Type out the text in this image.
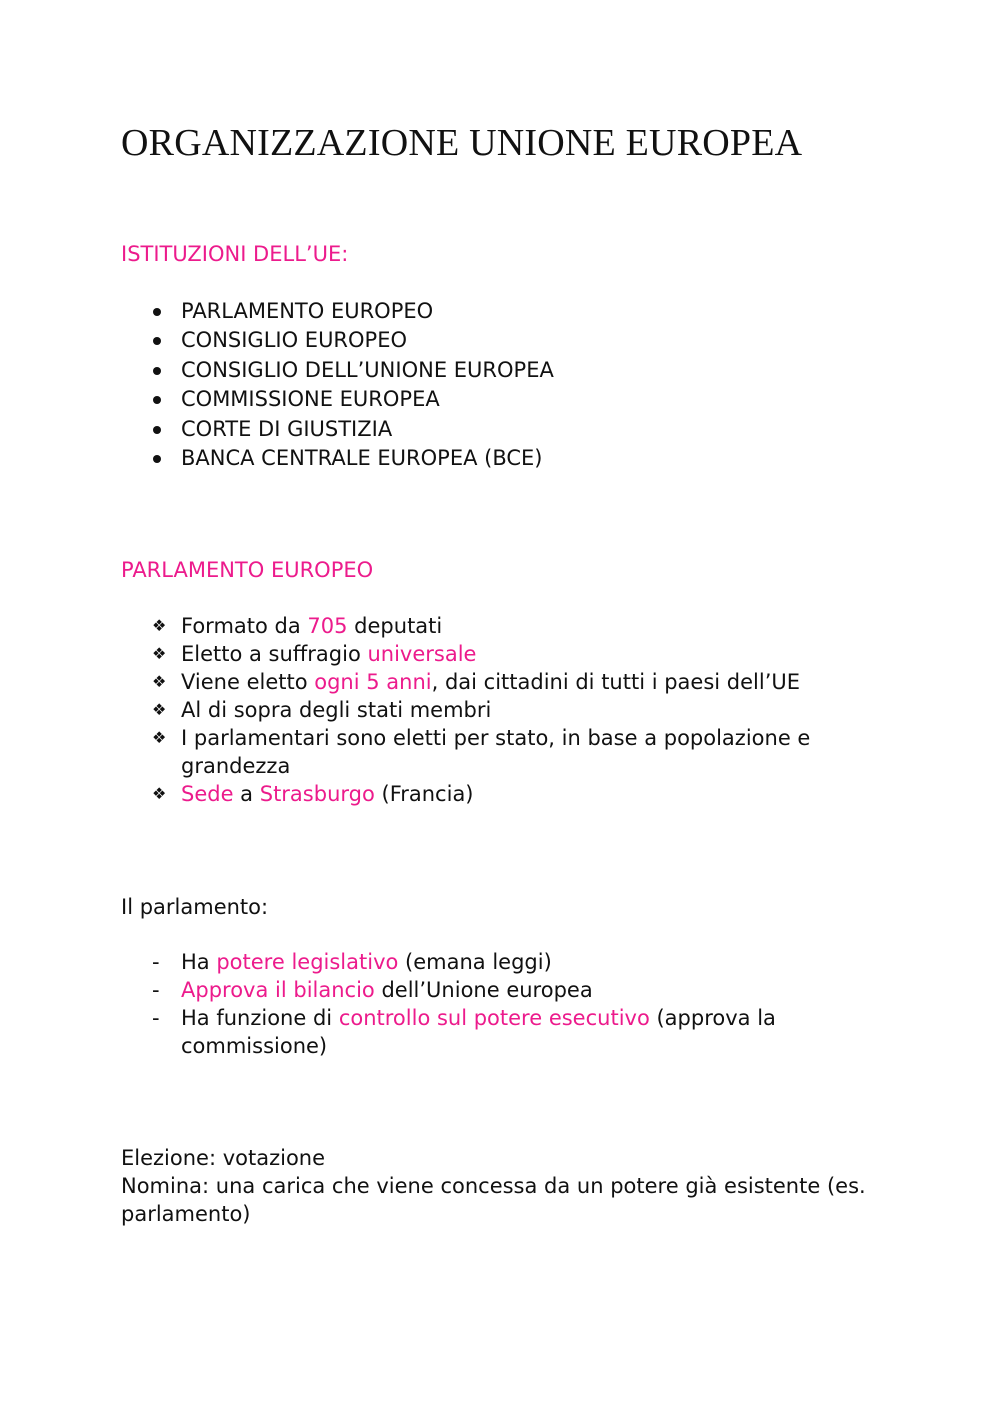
ORGANIZZAZIONE UNIONE EUROPEA
ISTITUZIONI DELL’UE:
PARLAMENTO EUROPEO
CONSIGLIO EUROPEO
CONSIGLIO DELL’UNIONE EUROPEA
COMMISSIONE EUROPEA
CORTE DI GIUSTIZIA
BANCA CENTRALE EUROPEA (BCE)
PARLAMENTO EUROPEO
❖ Formato da 705 deputati
❖ Eletto a suffragio universale
❖ Viene eletto ogni 5 anni, dai cittadini di tutti i paesi dell’UE
❖ Al di sopra degli stati membri
❖ I parlamentari sono eletti per stato, in base a popolazione e grandezza
❖ Sede a Strasburgo (Francia)
Il parlamento:
- Ha potere legislativo (emana leggi)
- Approva il bilancio dell’Unione europea
- Ha funzione di controllo sul potere esecutivo (approva la commissione)
Elezione: votazione
Nomina: una carica che viene concessa da un potere già esistente (es. parlamento)
